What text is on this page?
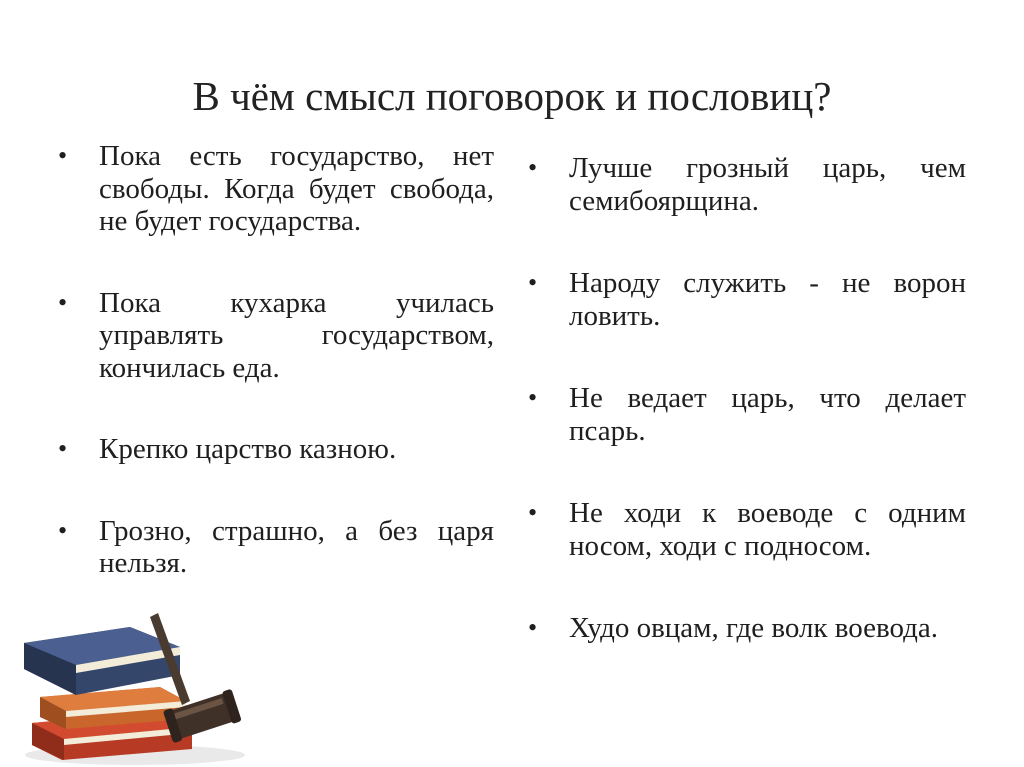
В чём смысл поговорок и пословиц?
• Пока есть государство, нет свободы. Когда будет свобода, не будет государства.
• Пока кухарка училась управлять государством, кончилась еда.
• Крепко царство казною.
• Грозно, страшно, а без царя нельзя.
• Лучше грозный царь, чем семибоярщина.
• Народу служить - не ворон ловить.
• Не ведает царь, что делает псарь.
• Не ходи к воеводе с одним носом, ходи с подносом.
• Худо овцам, где волк воевода.
